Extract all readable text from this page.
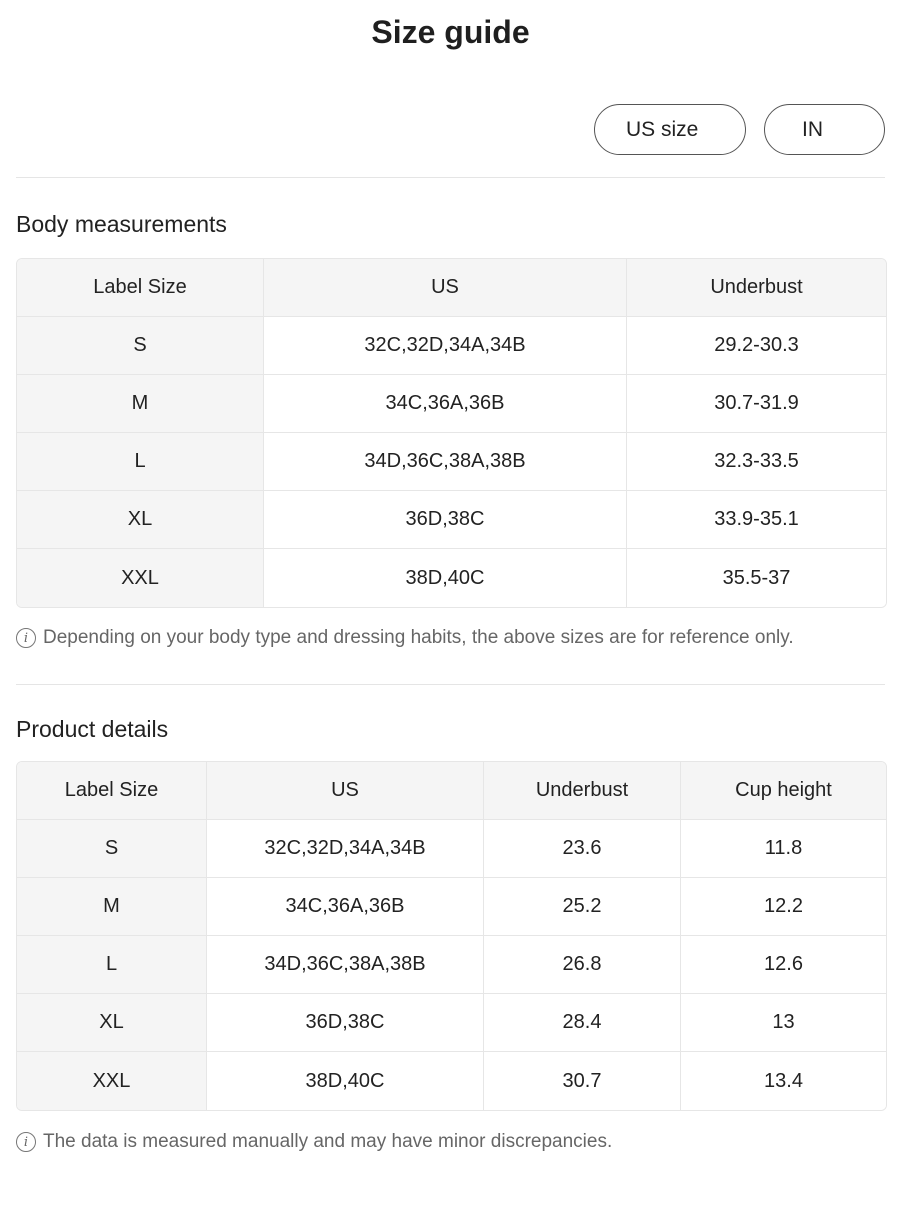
Size guide
US size	IN
Body measurements
Label Size	US	Underbust
S	32C,32D,34A,34B	29.2-30.3
M	34C,36A,36B	30.7-31.9
L	34D,36C,38A,38B	32.3-33.5
XL	36D,38C	33.9-35.1
XXL	38D,40C	35.5-37
i Depending on your body type and dressing habits, the above sizes are for reference only.
Product details
Label Size	US	Underbust	Cup height
S	32C,32D,34A,34B	23.6	11.8
M	34C,36A,36B	25.2	12.2
L	34D,36C,38A,38B	26.8	12.6
XL	36D,38C	28.4	13
XXL	38D,40C	30.7	13.4
i The data is measured manually and may have minor discrepancies.
